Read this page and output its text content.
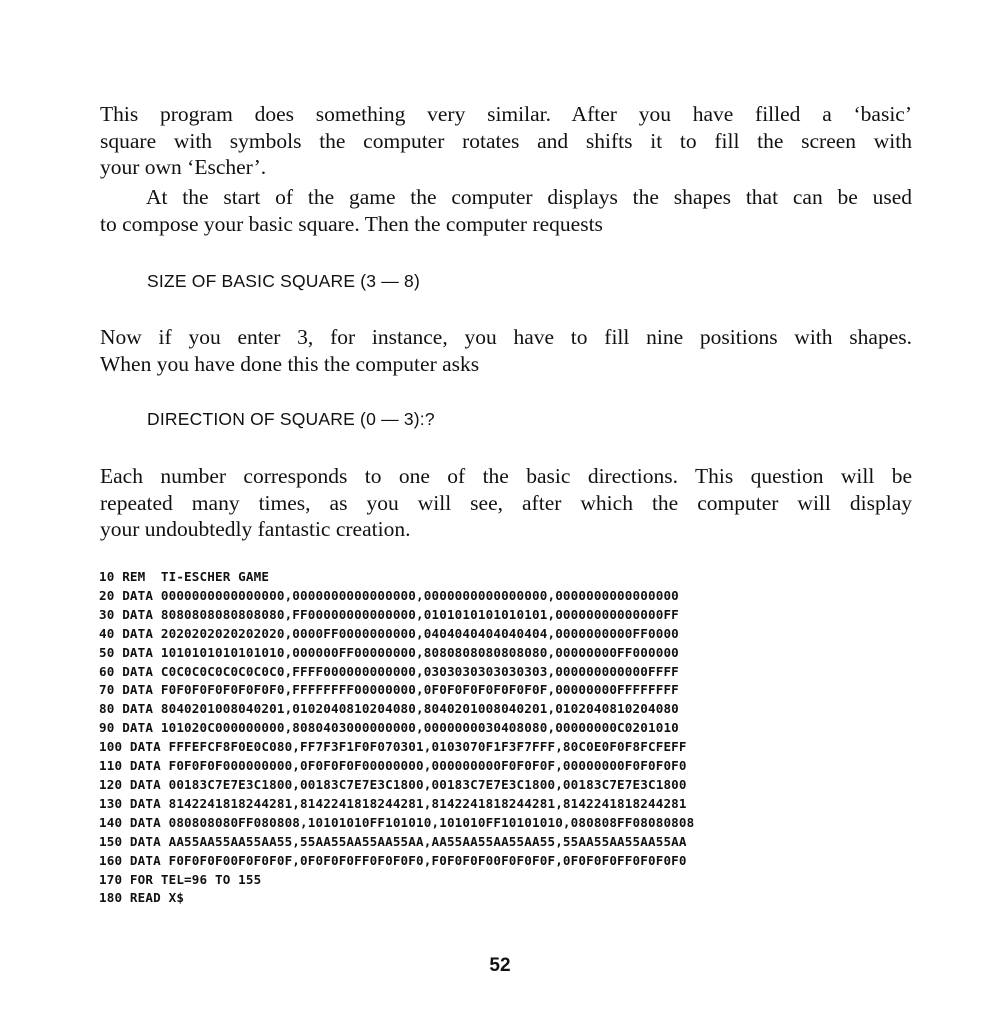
This program does something very similar. After you have filled a ‘basic’
square with symbols the computer rotates and shifts it to fill the screen with
your own ‘Escher’.
At the start of the game the computer displays the shapes that can be used
to compose your basic square. Then the computer requests
SIZE OF BASIC SQUARE (3 — 8)
Now if you enter 3, for instance, you have to fill nine positions with shapes.
When you have done this the computer asks
DIRECTION OF SQUARE (0 — 3):?
Each number corresponds to one of the basic directions. This question will be
repeated many times, as you will see, after which the computer will display
your undoubtedly fantastic creation.
10 REM  TI-ESCHER GAME
20 DATA 0000000000000000,0000000000000000,0000000000000000,0000000000000000
30 DATA 8080808080808080,FF00000000000000,0101010101010101,00000000000000FF
40 DATA 2020202020202020,0000FF0000000000,0404040404040404,0000000000FF0000
50 DATA 1010101010101010,000000FF00000000,8080808080808080,00000000FF000000
60 DATA C0C0C0C0C0C0C0C0,FFFF000000000000,0303030303030303,000000000000FFFF
70 DATA F0F0F0F0F0F0F0F0,FFFFFFFF00000000,0F0F0F0F0F0F0F0F,00000000FFFFFFFF
80 DATA 8040201008040201,0102040810204080,8040201008040201,0102040810204080
90 DATA 101020C000000000,8080403000000000,0000000030408080,00000000C0201010
100 DATA FFFEFCF8F0E0C080,FF7F3F1F0F070301,0103070F1F3F7FFF,80C0E0F0F8FCFEFF
110 DATA F0F0F0F000000000,0F0F0F0F00000000,000000000F0F0F0F,00000000F0F0F0F0
120 DATA 00183C7E7E3C1800,00183C7E7E3C1800,00183C7E7E3C1800,00183C7E7E3C1800
130 DATA 8142241818244281,8142241818244281,8142241818244281,8142241818244281
140 DATA 080808080FF080808,10101010FF101010,101010FF10101010,080808FF08080808
150 DATA AA55AA55AA55AA55,55AA55AA55AA55AA,AA55AA55AA55AA55,55AA55AA55AA55AA
160 DATA F0F0F0F00F0F0F0F,0F0F0F0FF0F0F0F0,F0F0F0F00F0F0F0F,0F0F0F0FF0F0F0F0
170 FOR TEL=96 TO 155
180 READ X$
52
